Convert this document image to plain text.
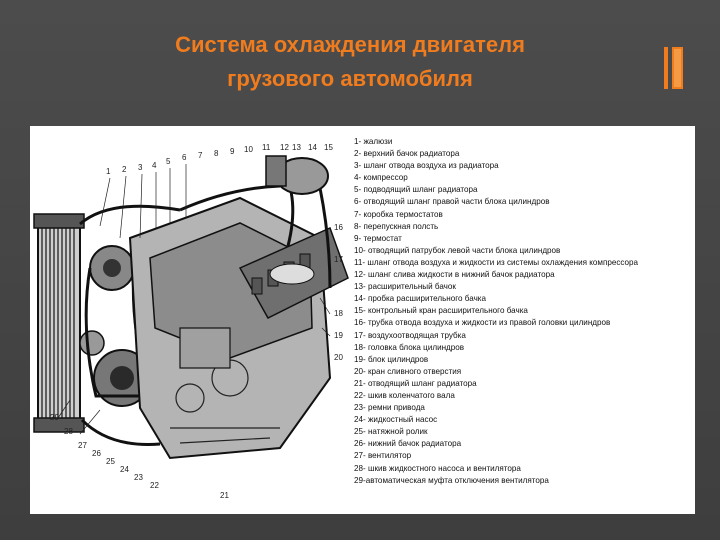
Система охлаждения двигателя
грузового автомобиля
1 2 3 4 5 6 7 8 9 10 11 12 13 14 15
16
17
18
19
20
21
22
23
24
25
26
27
28
29
1- жалюзи
2- верхний бачок радиатора
3- шланг отвода воздуха из радиатора
4- компрессор
5- подводящий шланг радиатора
6- отводящий шланг правой части блока цилиндров
7- коробка термостатов
8- перепускная полсть
9- термостат
10- отводящий патрубок левой части блока цилиндров
11- шланг отвода воздуха и жидкости из системы охлаждения компрессора
12- шланг слива жидкости в нижний бачок радиатора
13- расширительный бачок
14- пробка расширительного бачка
15- контрольный кран расширительного бачка
16- трубка отвода воздуха и жидкости из правой головки цилиндров
17- воздухоотводящая трубка
18- головка блока цилиндров
19- блок цилиндров
20- кран сливного отверстия
21- отводящий шланг радиатора
22- шкив коленчатого вала
23- ремни привода
24- жидкостный насос
25- натяжной ролик
26- нижний бачок радиатора
27- вентилятор
28- шкив жидкостного насоса и вентилятора
29-автоматическая муфта отключения вентилятора
